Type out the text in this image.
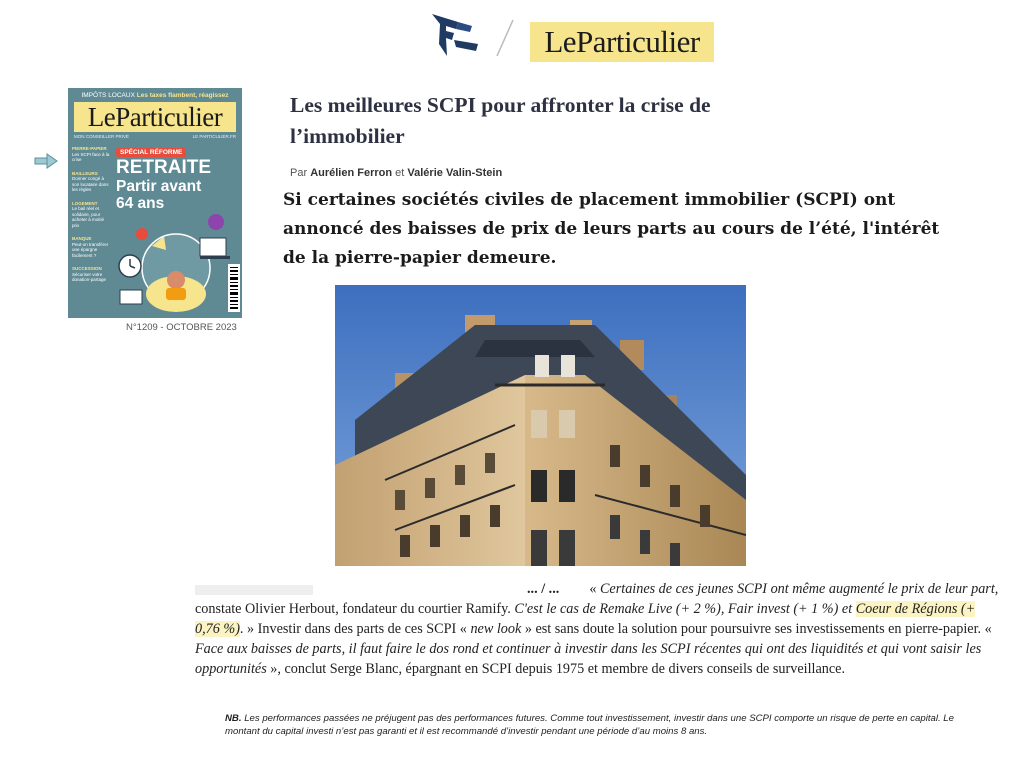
LeParticulier
IMPÔTS LOCAUX Les taxes flambent, réagissez
LeParticulier
MON CONSEILLER PRIVÉ	LE PARTICULIER.FR
PIERRE-PAPIER
Les SCPI face à la crise
BAILLEURS
Donner congé à son locataire dans les règles
LOGEMENT
Le bail réel et solidaire, pour acheter à moitié prix
BANQUE
Peut-on transférer une épargne facilement ?
SUCCESSION
Sécuriser votre donation-partage
SPÉCIAL RÉFORME
RETRAITE
Partir avant
64 ans
N°1209 - OCTOBRE 2023
Les meilleures SCPI pour affronter la crise de l’immobilier
Par Aurélien Ferron et Valérie Valin-Stein

Si certaines sociétés civiles de placement immobilier (SCPI) ont annoncé des baisses de prix de leurs parts au cours de l’été, l'intérêt de la pierre-papier demeure.

... / ... « Certaines de ces jeunes SCPI ont même augmenté le prix de leur part, constate Olivier Herbout, fondateur du courtier Ramify. C'est le cas de Remake Live (+ 2 %), Fair invest (+ 1 %) et Coeur de Régions (+ 0,76 %). » Investir dans des parts de ces SCPI « new look » est sans doute la solution pour poursuivre ses investissements en pierre-papier. « Face aux baisses de parts, il faut faire le dos rond et continuer à investir dans les SCPI récentes qui ont des liquidités et qui vont saisir les opportunités », conclut Serge Blanc, épargnant en SCPI depuis 1975 et membre de divers conseils de surveillance.

NB. Les performances passées ne préjugent pas des performances futures. Comme tout investissement, investir dans une SCPI comporte un risque de perte en capital. Le montant du capital investi n’est pas garanti et il est recommandé d’investir pendant une période d’au moins 8 ans.
